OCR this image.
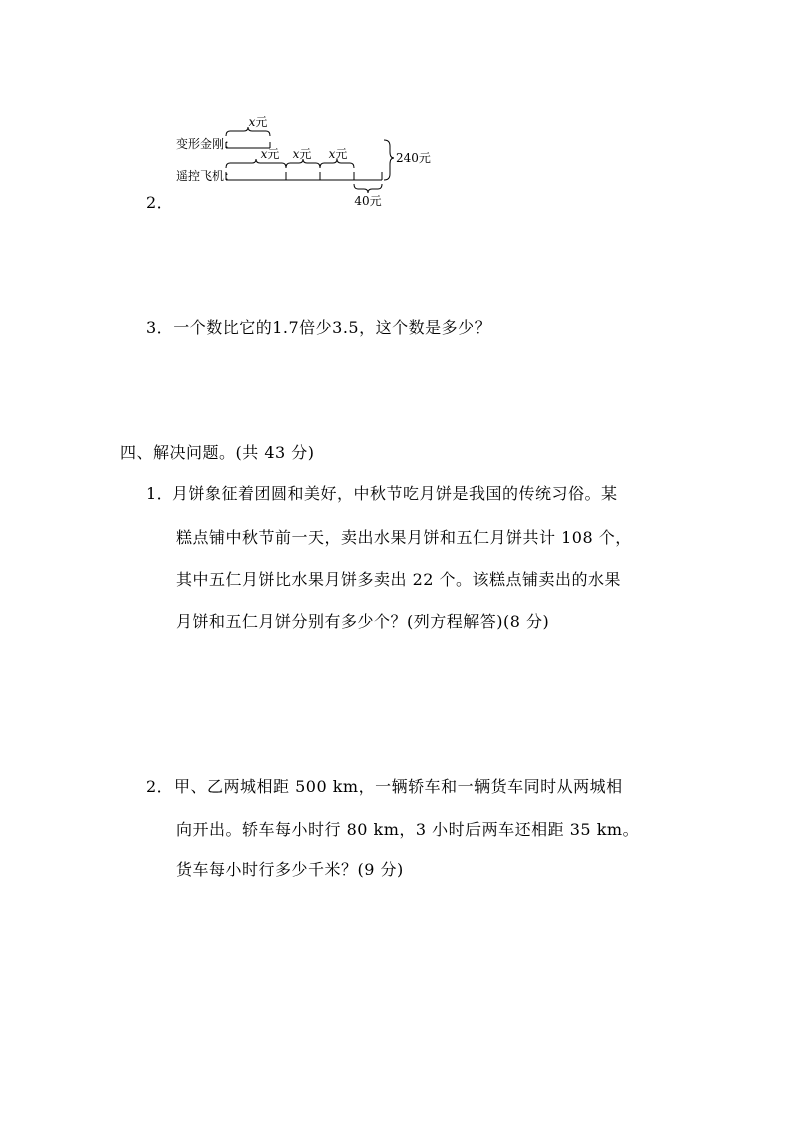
2．
变形金刚：
x元
遥控飞机：
x元 x元 x元
40元
240元
3．一个数比它的1.7倍少3.5，这个数是多少？
四、解决问题。(共 43 分)
1．
月饼象征着团圆和美好，中秋节吃月饼是我国的传统习俗。某
糕点铺中秋节前一天，卖出水果月饼和五仁月饼共计 108 个，
其中五仁月饼比水果月饼多卖出 22 个。该糕点铺卖出的水果
月饼和五仁月饼分别有多少个？(列方程解答)(8 分)
2． 甲、乙两城相距 500 km，一辆轿车和一辆货车同时从两城相
向开出。轿车每小时行 80 km，3 小时后两车还相距 35 km。
货车每小时行多少千米？(9 分)
